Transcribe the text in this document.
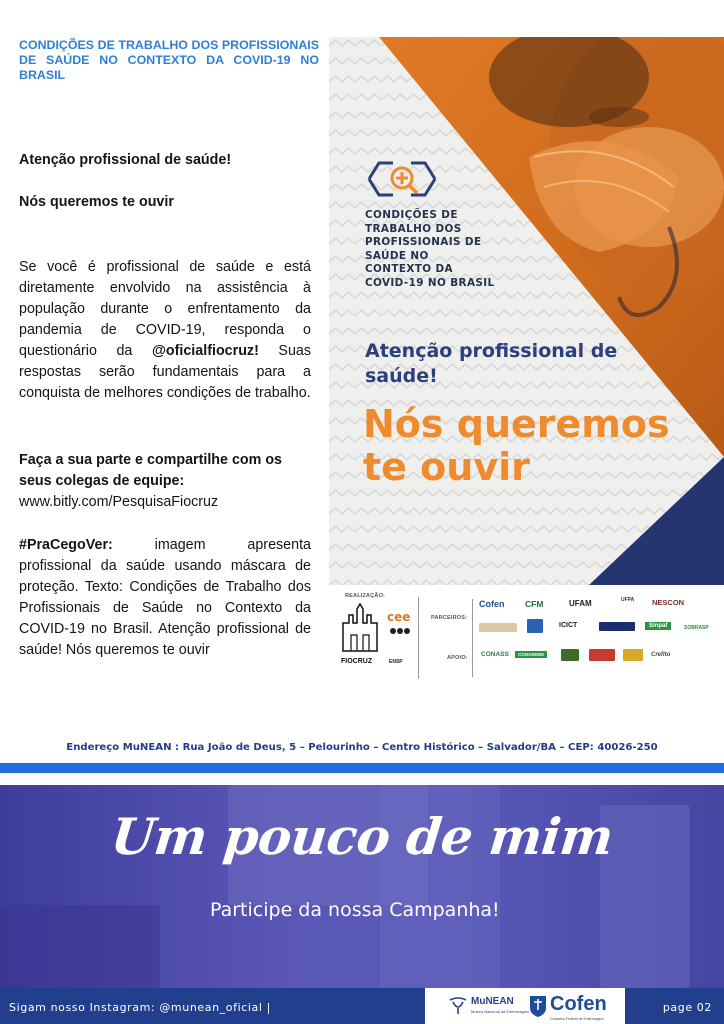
CONDIÇÕES DE TRABALHO DOS PROFISSIONAIS DE SAÚDE NO CONTEXTO DA COVID-19 NO BRASIL
Atenção profissional de saúde!
Nós queremos te ouvir
Se você é profissional de saúde e está diretamente envolvido na assistência à população durante o enfrentamento da pandemia de COVID-19, responda o questionário da @oficialfiocruz! Suas respostas serão fundamentais para a conquista de melhores condições de trabalho.
Faça a sua parte e compartilhe com os seus colegas de equipe:
www.bitly.com/PesquisaFiocruz
#PraCegoVer: imagem apresenta profissional da saúde usando máscara de proteção. Texto: Condições de Trabalho dos Profissionais de Saúde no Contexto da COVID-19 no Brasil. Atenção profissional de saúde! Nós queremos te ouvir
CONDIÇÕES DE TRABALHO DOS PROFISSIONAIS DE SAÚDE NO CONTEXTO DA COVID-19 NO BRASIL
Atenção profissional de saúde!
Nós queremos te ouvir
REALIZAÇÃO:
FIOCRUZ
cee
ENSP
PARCEIROS:
APOIO:
Cofen CFM	UFAM	UFPA NESCON
ICICT	Sinpaf	SOBRASP
CONASS	CONASEMS	Crefito
Endereço MuNEAN : Rua João de Deus, 5 – Pelourinho – Centro Histórico – Salvador/BA – CEP: 40026-250
Um pouco de mim
Participe da nossa Campanha!
Sigam nosso Instagram: @munean_oficial |	MuNEAN
Museu Nacional da Enfermagem Cofen
Conselho Federal de Enfermagem
page 02
